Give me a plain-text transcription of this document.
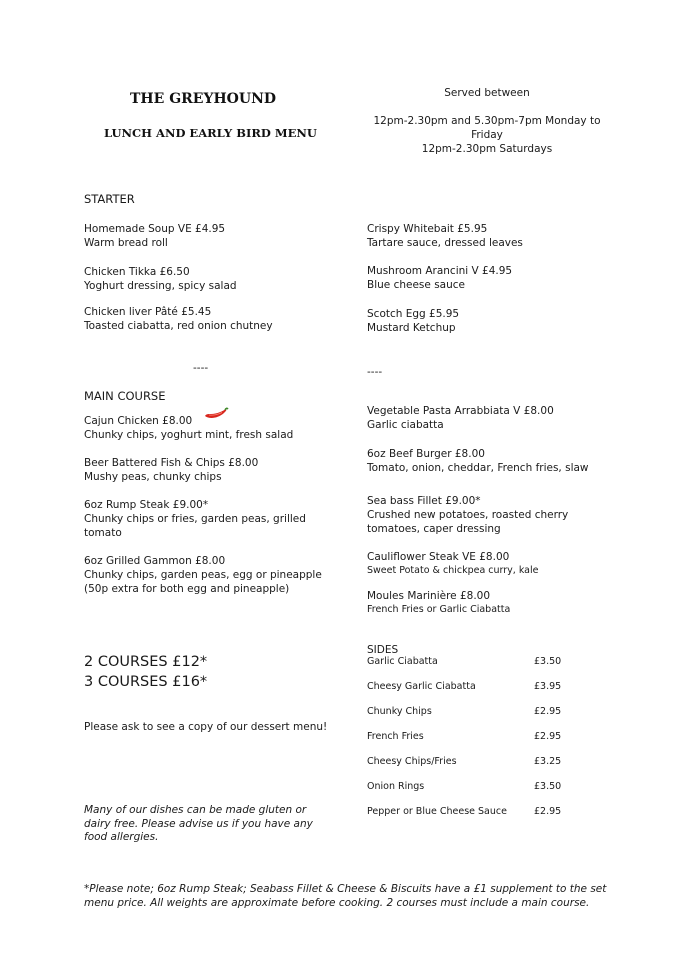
THE GREYHOUND
LUNCH AND EARLY BIRD MENU
Served between
12pm-2.30pm and 5.30pm-7pm Monday to Friday
12pm-2.30pm Saturdays
STARTER
Homemade Soup VE £4.95
Warm bread roll
Chicken Tikka £6.50
Yoghurt dressing, spicy salad
Chicken liver Pâté £5.45
Toasted ciabatta, red onion chutney
Crispy Whitebait £5.95
Tartare sauce, dressed leaves
Mushroom Arancini V £4.95
Blue cheese sauce
Scotch Egg £5.95
Mustard Ketchup
----	----
MAIN COURSE
Cajun Chicken £8.00
Chunky chips, yoghurt mint, fresh salad
Beer Battered Fish & Chips £8.00
Mushy peas, chunky chips
6oz Rump Steak £9.00*
Chunky chips or fries, garden peas, grilled tomato
6oz Grilled Gammon £8.00
Chunky chips, garden peas, egg or pineapple (50p extra for both egg and pineapple)
Vegetable Pasta Arrabbiata V £8.00
Garlic ciabatta
6oz Beef Burger £8.00
Tomato, onion, cheddar, French fries, slaw
Sea bass Fillet £9.00*
Crushed new potatoes, roasted cherry tomatoes, caper dressing
Cauliflower Steak VE £8.00
Sweet Potato & chickpea curry, kale
Moules Marinière £8.00
French Fries or Garlic Ciabatta
2 COURSES £12*
3 COURSES £16*
Please ask to see a copy of our dessert menu!
Many of our dishes can be made gluten or dairy free. Please advise us if you have any food allergies.
SIDES
Garlic Ciabatta	£3.50
Cheesy Garlic Ciabatta	£3.95
Chunky Chips	£2.95
French Fries	£2.95
Cheesy Chips/Fries	£3.25
Onion Rings	£3.50
Pepper or Blue Cheese Sauce	£2.95
*Please note; 6oz Rump Steak; Seabass Fillet & Cheese & Biscuits have a £1 supplement to the set menu price. All weights are approximate before cooking. 2 courses must include a main course.
